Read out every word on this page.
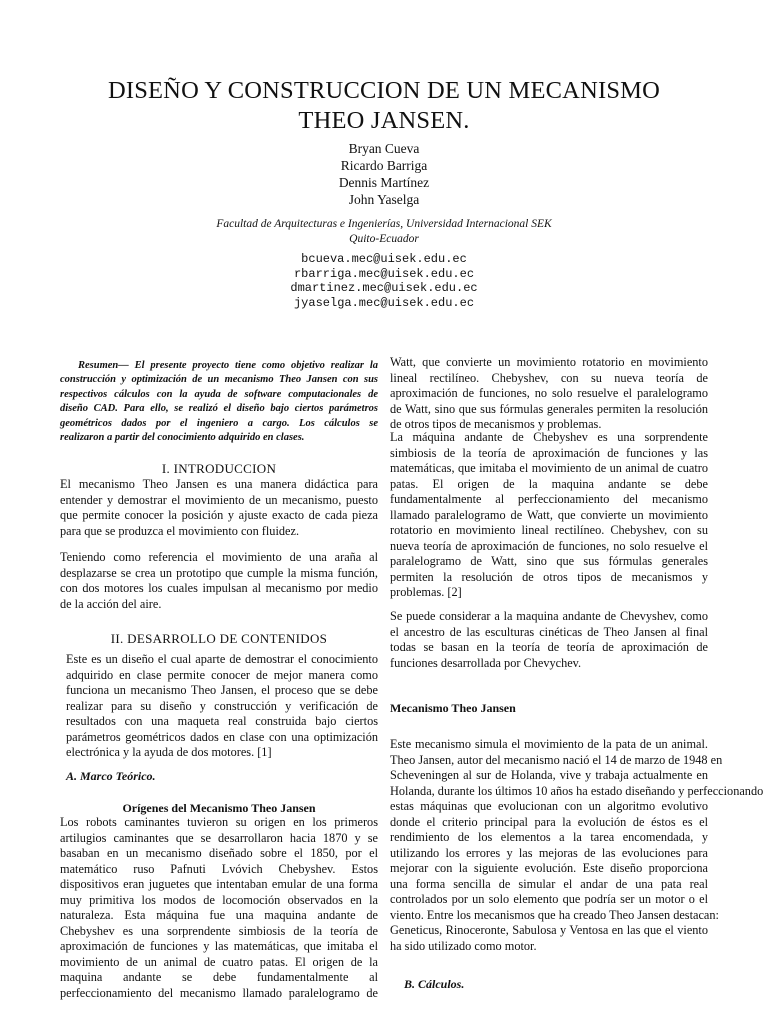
DISEÑO Y CONSTRUCCION DE UN MECANISMO
THEO JANSEN.
Bryan Cueva
Ricardo Barriga
Dennis Martínez
John Yaselga
Facultad de Arquitecturas e Ingenierías, Universidad Internacional SEK
Quito-Ecuador
bcueva.mec@uisek.edu.ec
rbarriga.mec@uisek.edu.ec
dmartinez.mec@uisek.edu.ec
jyaselga.mec@uisek.edu.ec
Resumen— El presente proyecto tiene como objetivo realizar la
construcción y optimización de un mecanismo Theo Jansen con sus
respectivos cálculos con la ayuda de software computacionales de
diseño CAD. Para ello, se realizó el diseño bajo ciertos parámetros
geométricos dados por el ingeniero a cargo. Los cálculos se
realizaron a partir del conocimiento adquirido en clases.
I. INTRODUCCION
El mecanismo Theo Jansen es una manera didáctica para
entender y demostrar el movimiento de un mecanismo, puesto
que permite conocer la posición y ajuste exacto de cada pieza
para que se produzca el movimiento con fluidez.
Teniendo como referencia el movimiento de una araña al
desplazarse se crea un prototipo que cumple la misma función,
con dos motores los cuales impulsan al mecanismo por medio
de la acción del aire.
II. DESARROLLO DE CONTENIDOS
Este es un diseño el cual aparte de demostrar el conocimiento
adquirido en clase permite conocer de mejor manera como
funciona un mecanismo Theo Jansen, el proceso que se debe
realizar para su diseño y construcción y verificación de
resultados con una maqueta real construida bajo ciertos
parámetros geométricos dados en clase con una optimización
electrónica y la ayuda de dos motores. [1]
A. Marco Teórico.
Orígenes del Mecanismo Theo Jansen
Los robots caminantes tuvieron su origen en los primeros
artilugios caminantes que se desarrollaron hacia 1870 y se
basaban en un mecanismo diseñado sobre el 1850, por el
matemático ruso Pafnuti Lvóvich Chebyshev. Estos
dispositivos eran juguetes que intentaban emular de una forma
muy primitiva los modos de locomoción observados en la
naturaleza. Esta máquina fue una maquina andante de
Chebyshev es una sorprendente simbiosis de la teoría de
aproximación de funciones y las matemáticas, que imitaba el
movimiento de un animal de cuatro patas. El origen de la
maquina andante se debe fundamentalmente al
perfeccionamiento del mecanismo llamado paralelogramo de
Watt, que convierte un movimiento rotatorio en movimiento
lineal rectilíneo. Chebyshev, con su nueva teoría de
aproximación de funciones, no solo resuelve el paralelogramo
de Watt, sino que sus fórmulas generales permiten la resolución
de otros tipos de mecanismos y problemas.
La máquina andante de Chebyshev es una sorprendente
simbiosis de la teoría de aproximación de funciones y las
matemáticas, que imitaba el movimiento de un animal de cuatro
patas. El origen de la maquina andante se debe
fundamentalmente al perfeccionamiento del mecanismo
llamado paralelogramo de Watt, que convierte un movimiento
rotatorio en movimiento lineal rectilíneo. Chebyshev, con su
nueva teoría de aproximación de funciones, no solo resuelve el
paralelogramo de Watt, sino que sus fórmulas generales
permiten la resolución de otros tipos de mecanismos y
problemas. [2]
Se puede considerar a la maquina andante de Chevyshev, como
el ancestro de las esculturas cinéticas de Theo Jansen al final
todas se basan en la teoría de teoría de aproximación de
funciones desarrollada por Chevychev.
Mecanismo Theo Jansen
Este mecanismo simula el movimiento de la pata de un animal.
Theo Jansen, autor del mecanismo nació el 14 de marzo de 1948 en
Scheveningen al sur de Holanda, vive y trabaja actualmente en
Holanda, durante los últimos 10 años ha estado diseñando y perfeccionando
estas máquinas que evolucionan con un algoritmo evolutivo
donde el criterio principal para la evolución de éstos es el
rendimiento de los elementos a la tarea encomendada, y
utilizando los errores y las mejoras de las evoluciones para
mejorar con la siguiente evolución. Este diseño proporciona
una forma sencilla de simular el andar de una pata real
controlados por un solo elemento que podría ser un motor o el
viento. Entre los mecanismos que ha creado Theo Jansen destacan:
Geneticus, Rinoceronte, Sabulosa y Ventosa en las que el viento
ha sido utilizado como motor.
B. Cálculos.
